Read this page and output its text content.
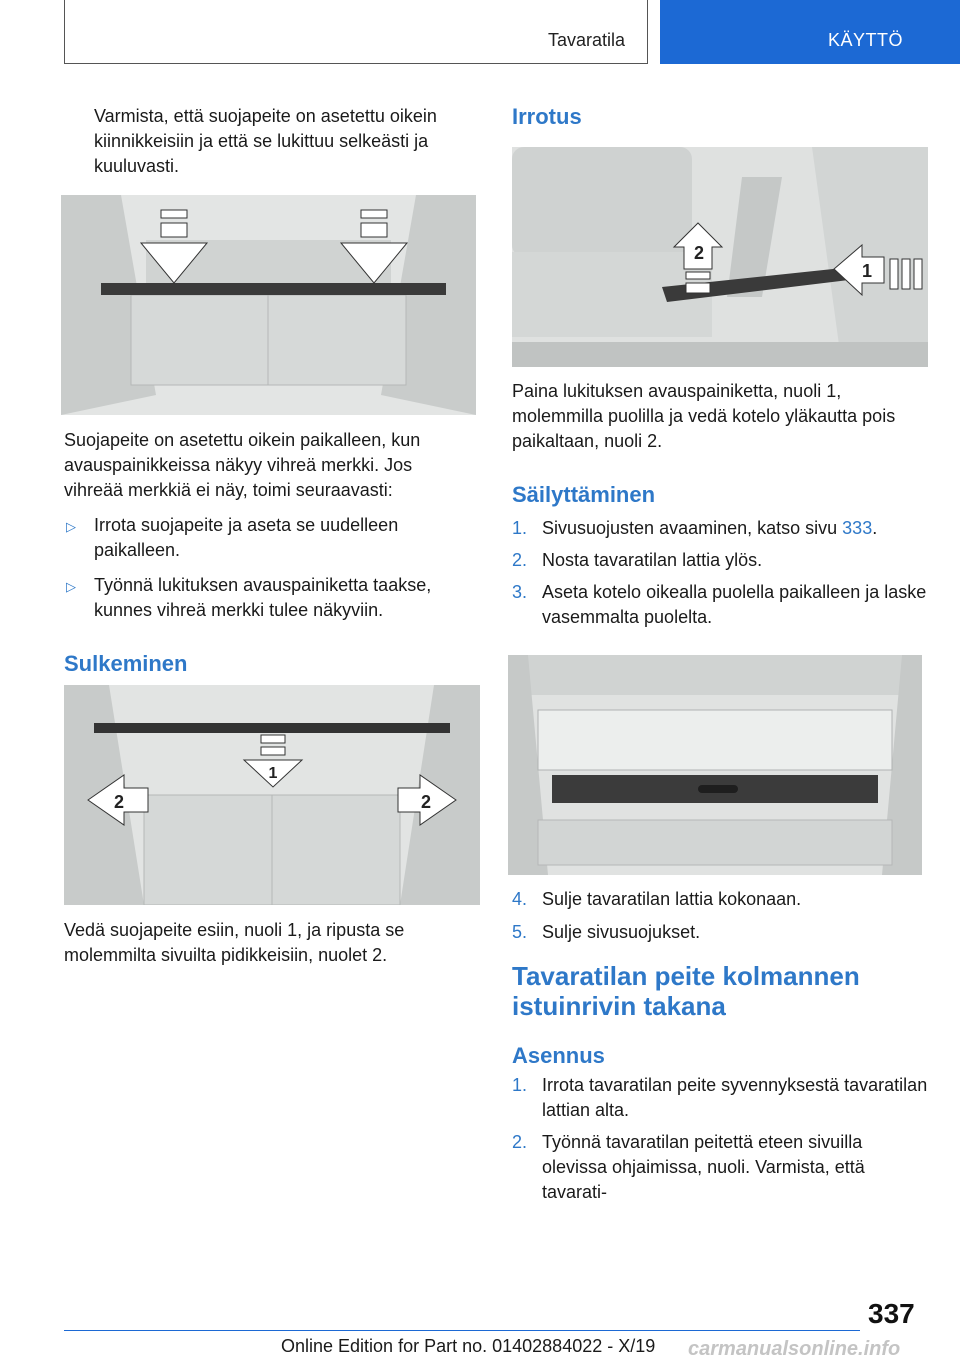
Tavaratila	KÄYTTÖ

Varmista, että suojapeite on asetettu oikein kiinnikkeisiin ja että se lukittuu selkeästi ja kuuluvasti.

Suojapeite on asetettu oikein paikalleen, kun avauspainikkeissa näkyy vihreä merkki. Jos vihreää merkkiä ei näy, toimi seuraavasti:

▷ Irrota suojapeite ja aseta se uudelleen paikalleen.
▷ Työnnä lukituksen avauspainiketta taakse, kunnes vihreä merkki tulee näkyviin.
Sulkeminen
1
2	2

Vedä suojapeite esiin, nuoli 1, ja ripusta se molemmilta sivuilta pidikkeisiin, nuolet 2.

Irrotus
2
1

Paina lukituksen avauspainiketta, nuoli 1, molemmilla puolilla ja vedä kotelo yläkautta pois paikaltaan, nuoli 2.

Säilyttäminen
1. Sivusuojusten avaaminen, katso sivu 333.
2. Nosta tavaratilan lattia ylös.
3. Aseta kotelo oikealla puolella paikalleen ja laske vasemmalta puolelta.
4. Sulje tavaratilan lattia kokonaan.
5. Sulje sivusuojukset.
Tavaratilan peite kolmannen istuinrivin takana
Asennus
1. Irrota tavaratilan peite syvennyksestä tavaratilan lattian alta.
2. Työnnä tavaratilan peitettä eteen sivuilla olevissa ohjaimissa, nuoli. Varmista, että tavarati-
337
Online Edition for Part no. 01402884022 - X/19 carmanualsonline.info
